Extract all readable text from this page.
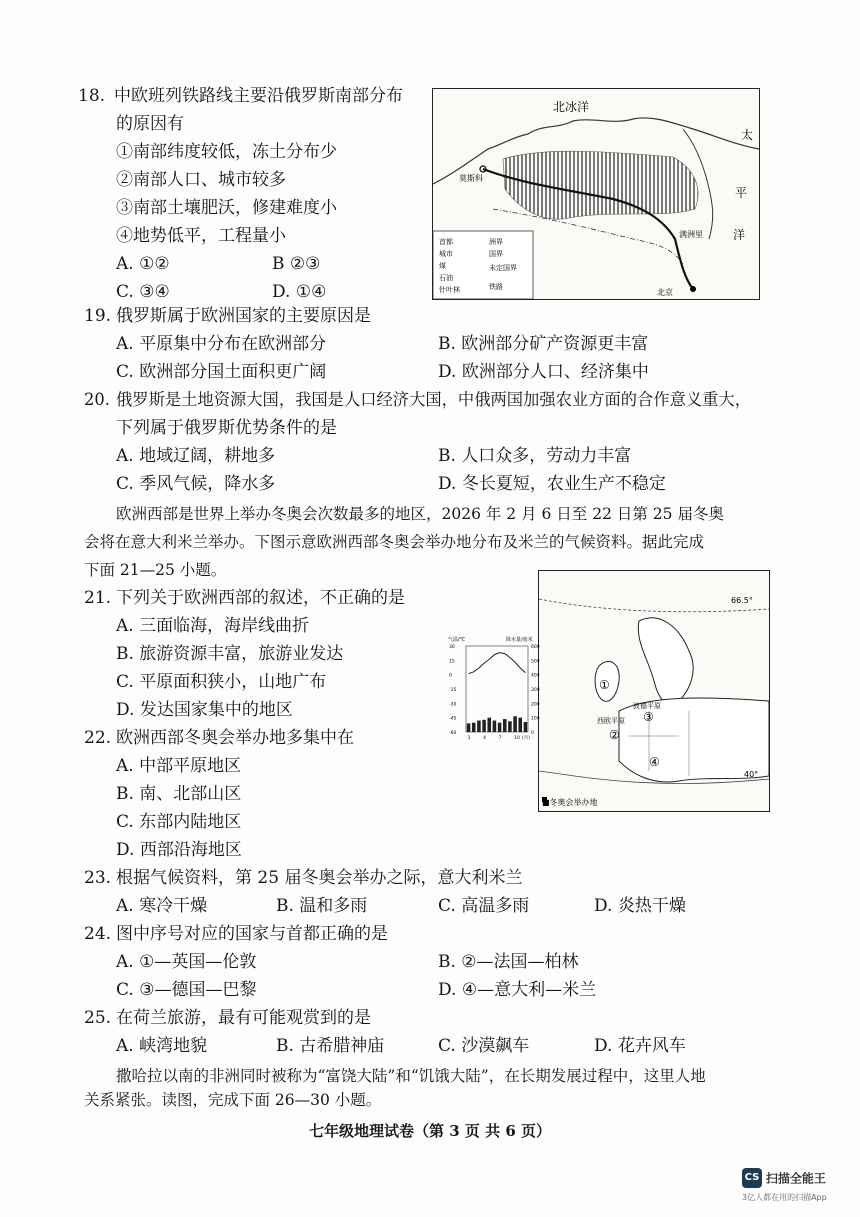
18. 中欧班列铁路线主要沿俄罗斯南部分布
的原因有
①南部纬度较低，冻土分布少
②南部人口、城市较多
③南部土壤肥沃，修建难度小
④地势低平，工程量小
A. ①②	B ②③
C. ③④	D. ①④
北冰洋
太
平
洋
莫斯科
满洲里
北京
首都
城市
煤
石油
针叶林
洲界
国界
未定国界
铁路
19. 俄罗斯属于欧洲国家的主要原因是
A. 平原集中分布在欧洲部分	B. 欧洲部分矿产资源更丰富
C. 欧洲部分国土面积更广阔	D. 欧洲部分人口、经济集中
20. 俄罗斯是土地资源大国，我国是人口经济大国，中俄两国加强农业方面的合作意义重大，
下列属于俄罗斯优势条件的是
A. 地域辽阔，耕地多	B. 人口众多，劳动力丰富
C. 季风气候，降水多	D. 冬长夏短，农业生产不稳定
欧洲西部是世界上举办冬奥会次数最多的地区，2026 年 2 月 6 日至 22 日第 25 届冬奥
会将在意大利米兰举办。下图示意欧洲西部冬奥会举办地分布及米兰的气候资料。据此完成
下面 21—25 小题。
21. 下列关于欧洲西部的叙述，不正确的是
A. 三面临海，海岸线曲折
B. 旅游资源丰富，旅游业发达
C. 平原面积狭小，山地广布
D. 发达国家集中的地区
22. 欧洲西部冬奥会举办地多集中在
A. 中部平原地区
B. 南、北部山区
C. 东部内陆地区
D. 西部沿海地区
66.5°
40°
①
②
③
④
波德平原
西欧平原
■冬奥会举办地
气温/℃	降水量/毫米
30
15
0
-15
-30
-45
-60
600
500
400
300
200
100
0
1	4	7	10 (月)
23. 根据气候资料，第 25 届冬奥会举办之际，意大利米兰
A. 寒冷干燥	B. 温和多雨	C. 高温多雨	D. 炎热干燥
24. 图中序号对应的国家与首都正确的是
A. ①—英国—伦敦	B. ②—法国—柏林
C. ③—德国—巴黎	D. ④—意大利—米兰
25. 在荷兰旅游，最有可能观赏到的是
A. 峡湾地貌	B. 古希腊神庙	C. 沙漠飙车	D. 花卉风车
撒哈拉以南的非洲同时被称为“富饶大陆”和“饥饿大陆”，在长期发展过程中，这里人地
关系紧张。读图，完成下面 26—30 小题。
七年级地理试卷（第 3 页 共 6 页）
CS 扫描全能王
3亿人都在用的扫描App
